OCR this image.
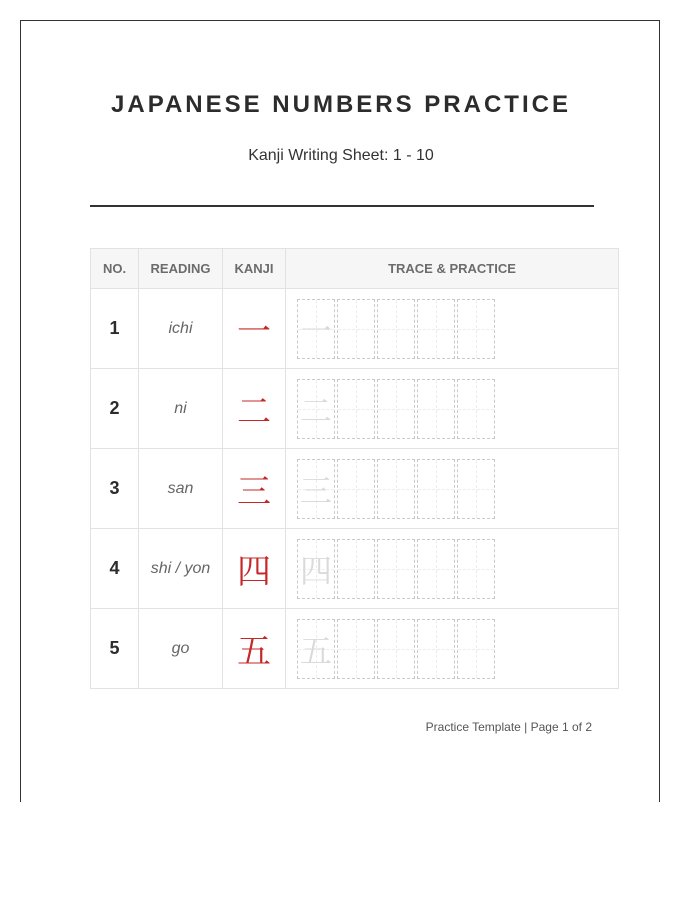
JAPANESE NUMBERS PRACTICE
Kanji Writing Sheet: 1 - 10
NO.	READING	KANJI	TRACE & PRACTICE
1	ichi	一	一

2	ni	二	二

3	san	三	三

4	shi / yon	四	四

5	go	五	五
Practice Template | Page 1 of 2
